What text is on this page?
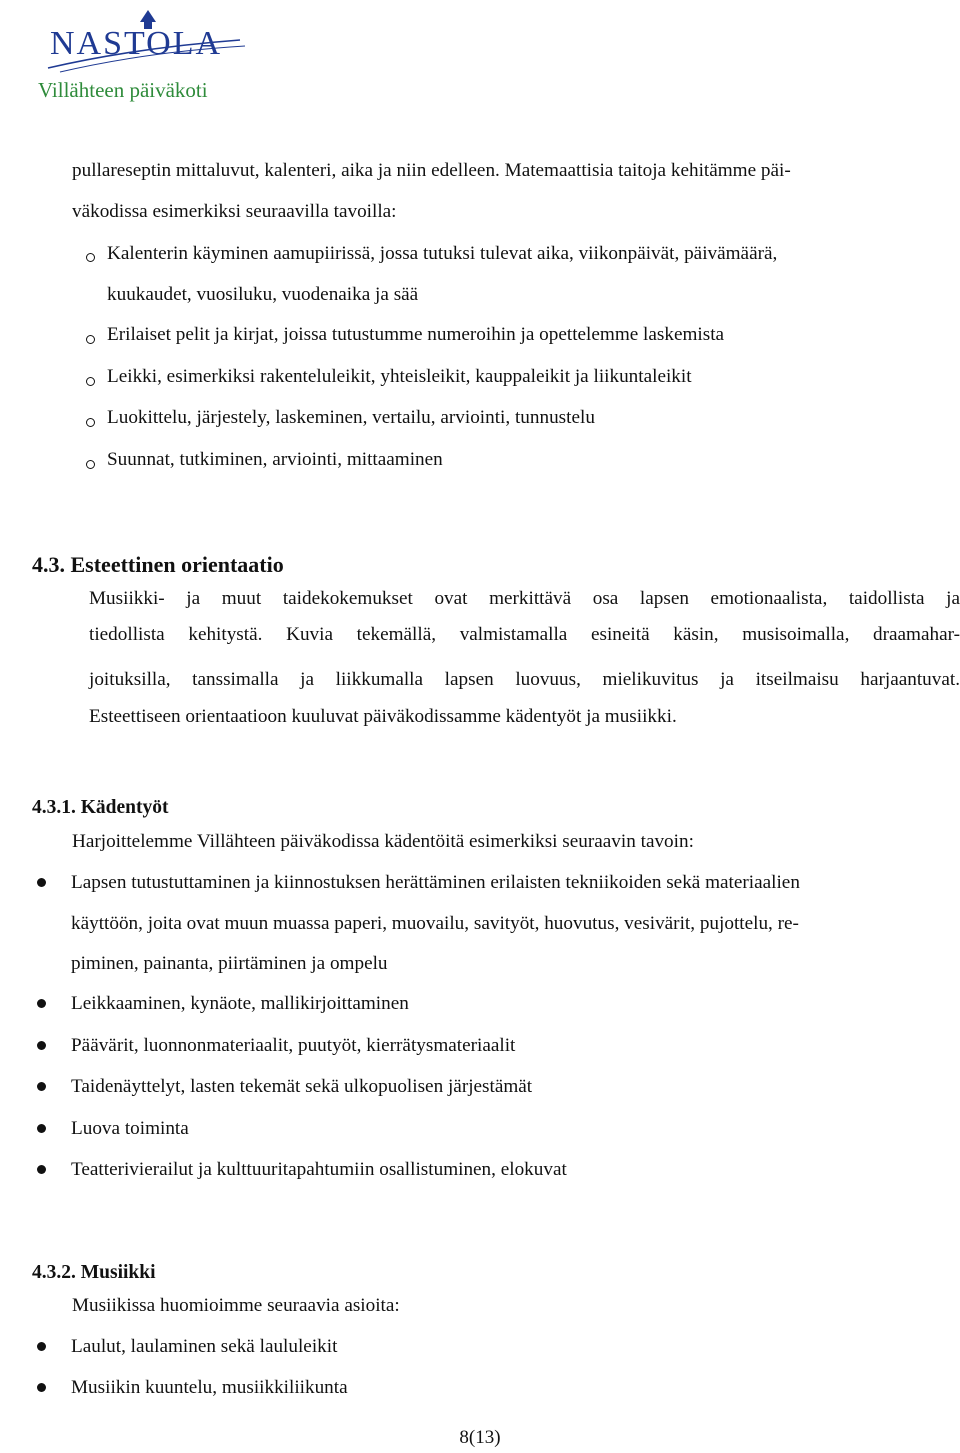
NASTOLA
Villähteen päiväkoti
pullareseptin mittaluvut, kalenteri, aika ja niin edelleen. Matemaattisia taitoja kehitämme päi-
väkodissa esimerkiksi seuraavilla tavoilla:
Kalenterin käyminen aamupiirissä, jossa tutuksi tulevat aika, viikonpäivät, päivämäärä,
kuukaudet, vuosiluku, vuodenaika ja sää
Erilaiset pelit ja kirjat, joissa tutustumme numeroihin ja opettelemme laskemista
Leikki, esimerkiksi rakenteluleikit, yhteisleikit, kauppaleikit ja liikuntaleikit
Luokittelu, järjestely, laskeminen, vertailu, arviointi, tunnustelu
Suunnat, tutkiminen, arviointi, mittaaminen
4.3. Esteettinen orientaatio
Musiikki- ja muut taidekokemukset ovat merkittävä osa lapsen emotionaalista, taidollista ja
tiedollista kehitystä. Kuvia tekemällä, valmistamalla esineitä käsin, musisoimalla, draamahar-
joituksilla, tanssimalla ja liikkumalla lapsen luovuus, mielikuvitus ja itseilmaisu harjaantuvat.
Esteettiseen orientaatioon kuuluvat päiväkodissamme kädentyöt ja musiikki.
4.3.1. Kädentyöt
Harjoittelemme Villähteen päiväkodissa kädentöitä esimerkiksi seuraavin tavoin:
Lapsen tutustuttaminen ja kiinnostuksen herättäminen erilaisten tekniikoiden sekä materiaalien
käyttöön, joita ovat muun muassa paperi, muovailu, savityöt, huovutus, vesivärit, pujottelu, re-
piminen, painanta, piirtäminen ja ompelu
Leikkaaminen, kynäote, mallikirjoittaminen
Päävärit, luonnonmateriaalit, puutyöt, kierrätysmateriaalit
Taidenäyttelyt, lasten tekemät sekä ulkopuolisen järjestämät
Luova toiminta
Teatterivierailut ja kulttuuritapahtumiin osallistuminen, elokuvat
4.3.2. Musiikki
Musiikissa huomioimme seuraavia asioita:
Laulut, laulaminen sekä laululeikit
Musiikin kuuntelu, musiikkiliikunta
8(13)
